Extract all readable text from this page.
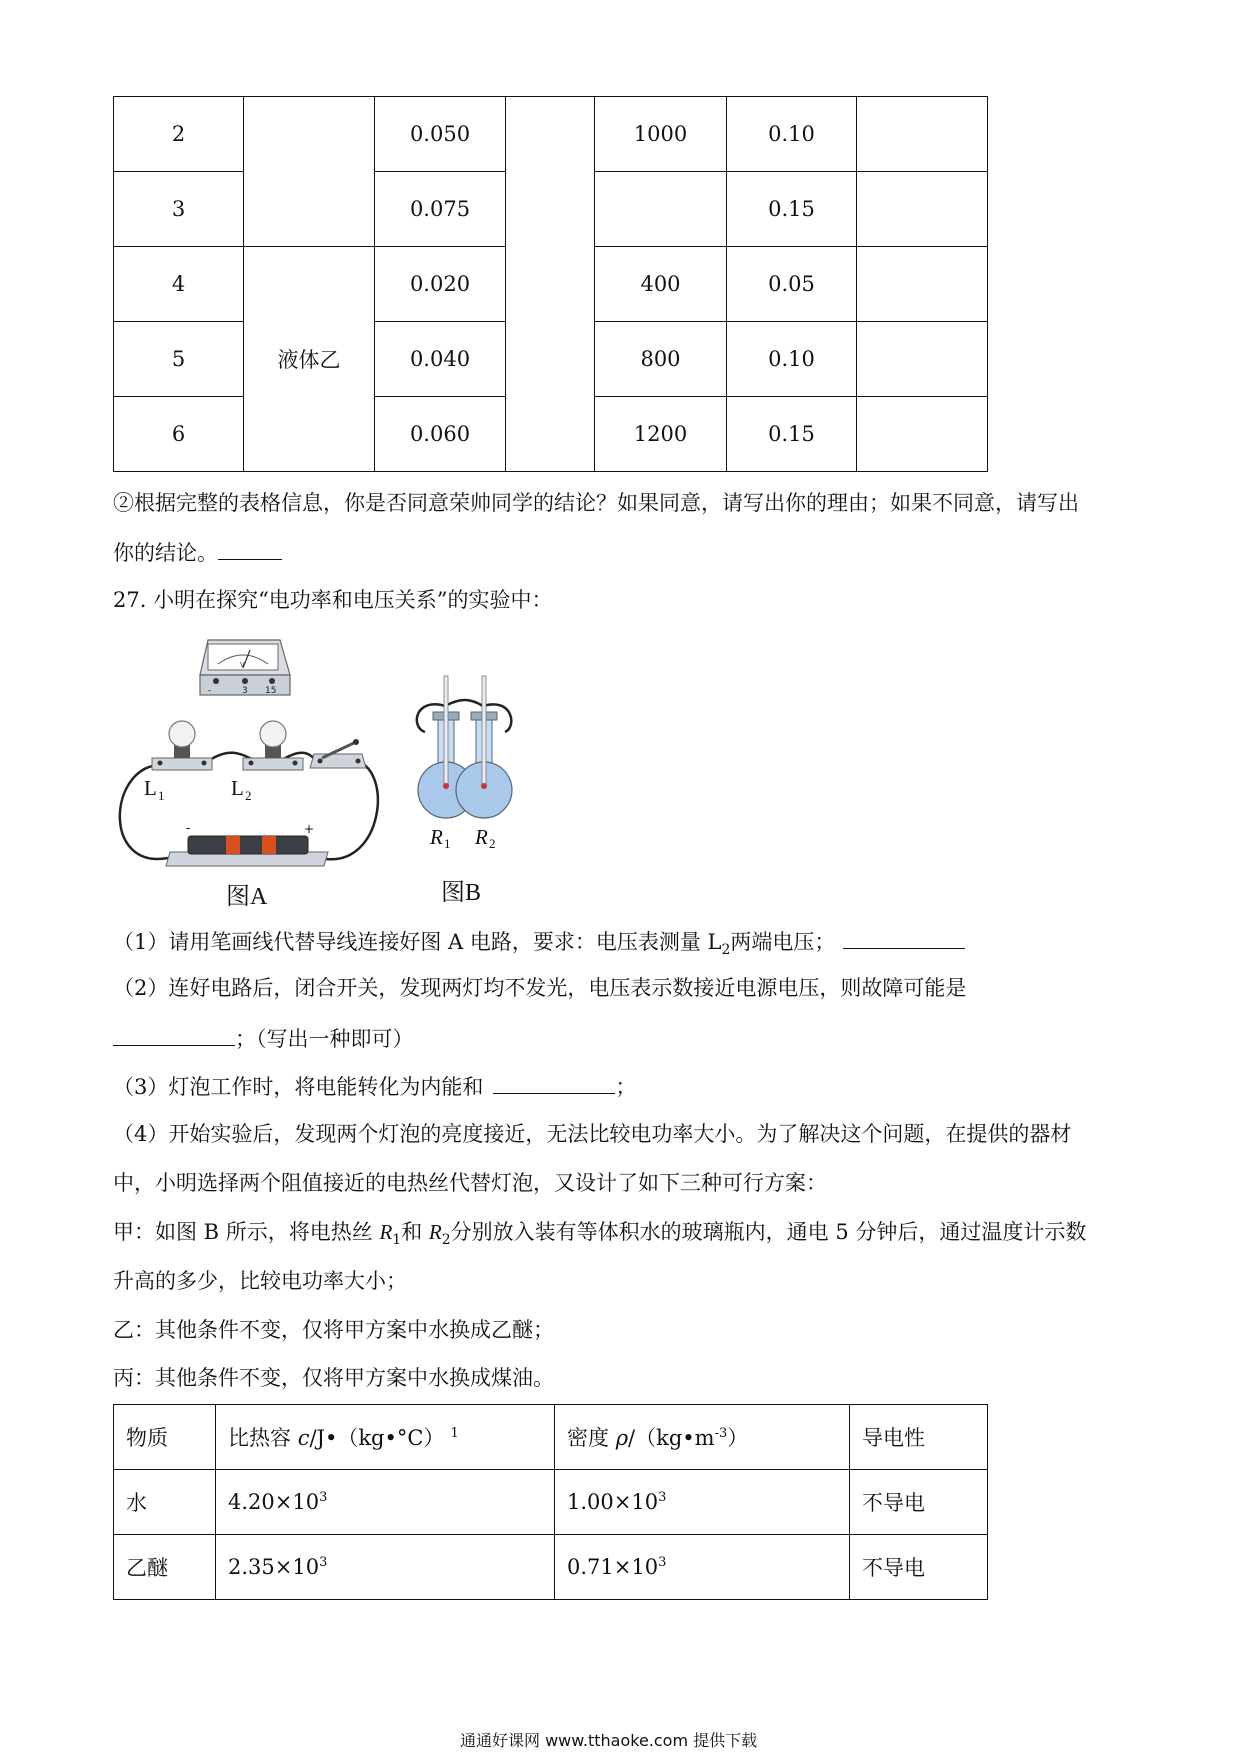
2		0.050		1000	0.10	
3		0.075			0.15	
4	液体乙	0.020		400	0.05	
5		0.040		800	0.10	
6		0.060		1200	0.15	
②根据完整的表格信息，你是否同意荣帅同学的结论？如果同意，请写出你的理由；如果不同意，请写出
你的结论。
27. 小明在探究“电功率和电压关系”的实验中：
V
-	3 15
L 1	L 2
-	+
图A
R 1 R 2
图B
（1）请用笔画线代替导线连接好图 A 电路，要求：电压表测量 $L_2$两端电压；
（2）连好电路后，闭合开关，发现两灯均不发光，电压表示数接近电源电压，则故障可能是
；（写出一种即可）
（3）灯泡工作时，将电能转化为内能和	；
（4）开始实验后，发现两个灯泡的亮度接近，无法比较电功率大小。为了解决这个问题，在提供的器材
中，小明选择两个阻值接近的电热丝代替灯泡，又设计了如下三种可行方案：
甲：如图 B 所示，将电热丝 $R_1$和 $R_2$分别放入装有等体积水的玻璃瓶内，通电 5 分钟后，通过温度计示数
升高的多少，比较电功率大小；
乙：其他条件不变，仅将甲方案中水换成乙醚；
丙：其他条件不变，仅将甲方案中水换成煤油。
物质	比热容 c/J•（kg•°C） $^1$	密度 $\rho/(kg•m^{-3})$	导电性
水	$4.20\times 10^3$	$1.00\times 10^3$	不导电
乙醚	$2.35\times 10^3$	$0.71\times 10^3$	不导电
通通好课网 www.tthaoke.com 提供下载
